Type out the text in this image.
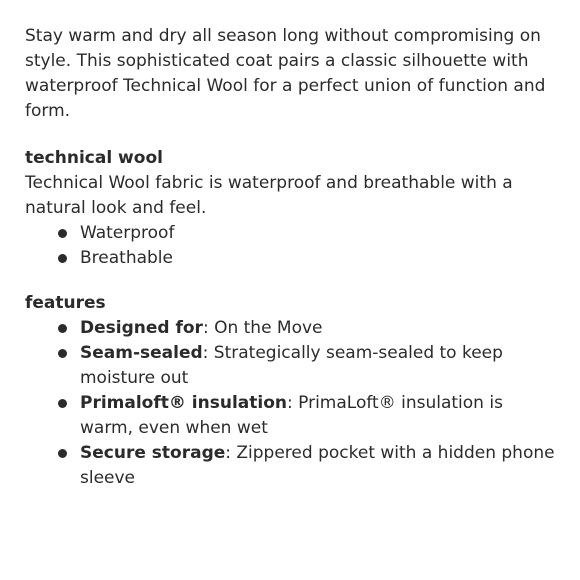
Stay warm and dry all season long without compromising on style. This sophisticated coat pairs a classic silhouette with waterproof Technical Wool for a perfect union of function and form.

technical wool

Technical Wool fabric is waterproof and breathable with a natural look and feel.

Waterproof
Breathable
features
Designed for: On the Move
Seam-sealed: Strategically seam-sealed to keep moisture out
Primaloft® insulation: PrimaLoft® insulation is warm, even when wet
Secure storage: Zippered pocket with a hidden phone sleeve
